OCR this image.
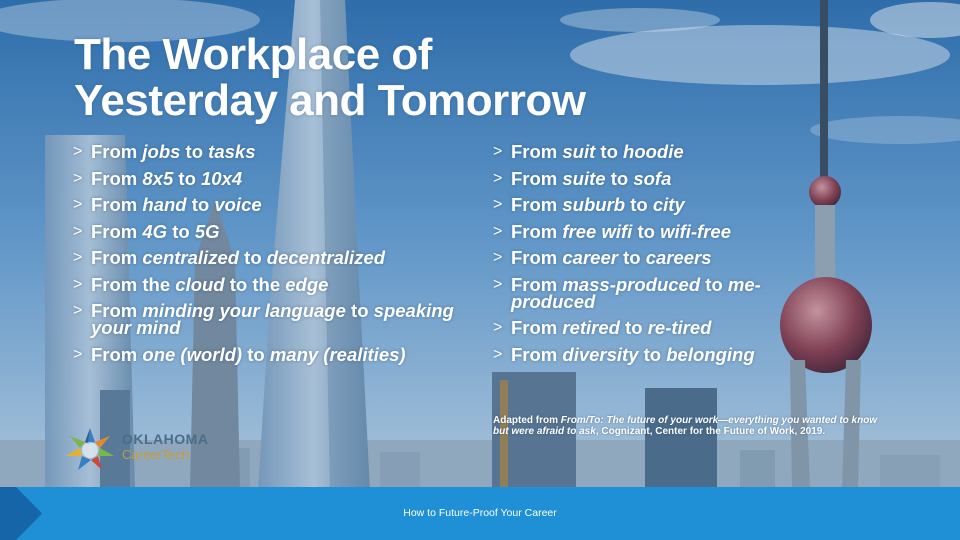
The Workplace of
Yesterday and Tomorrow
> From jobs to tasks
> From 8x5 to 10x4
> From hand to voice
> From 4G to 5G
> From centralized to decentralized
> From the cloud to the edge
> From minding your language to speaking your mind
> From one (world) to many (realities)
> From suit to hoodie
> From suite to sofa
> From suburb to city
> From free wifi to wifi-free
> From career to careers
> From mass-produced to me-produced
> From retired to re-tired
> From diversity to belonging
Adapted from From/To: The future of your work—everything you wanted to know but were afraid to ask, Cognizant, Center for the Future of Work, 2019.
OKLAHOMA
CareerTech
How to Future-Proof Your Career
